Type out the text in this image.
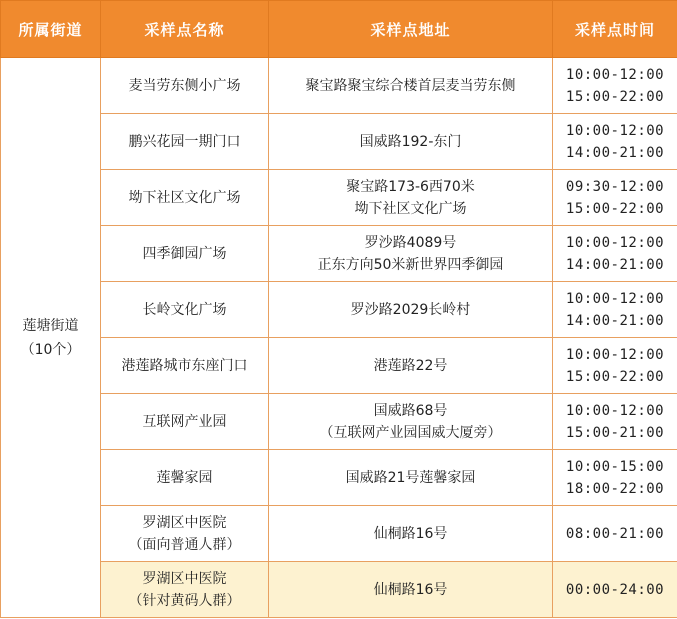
所属街道	采样点名称	采样点地址	采样点时间

莲塘街道
（10个）	麦当劳东侧小广场	聚宝路聚宝综合楼首层麦当劳东侧	10:00-12:00
15:00-22:00

	鹏兴花园一期门口	国威路192-东门	10:00-12:00
14:00-21:00

	坳下社区文化广场	聚宝路173-6西70米
坳下社区文化广场	09:30-12:00
15:00-22:00

	四季御园广场	罗沙路4089号
正东方向50米新世界四季御园	10:00-12:00
14:00-21:00

	长岭文化广场	罗沙路2029长岭村	10:00-12:00
14:00-21:00

	港莲路城市东座门口	港莲路22号	10:00-12:00
15:00-22:00

	互联网产业园	国威路68号
（互联网产业园国威大厦旁）	10:00-12:00
15:00-21:00

	莲馨家园	国威路21号莲馨家园	10:00-15:00
18:00-22:00

	罗湖区中医院
（面向普通人群）	仙桐路16号	08:00-21:00

	罗湖区中医院
（针对黄码人群）	仙桐路16号	00:00-24:00
